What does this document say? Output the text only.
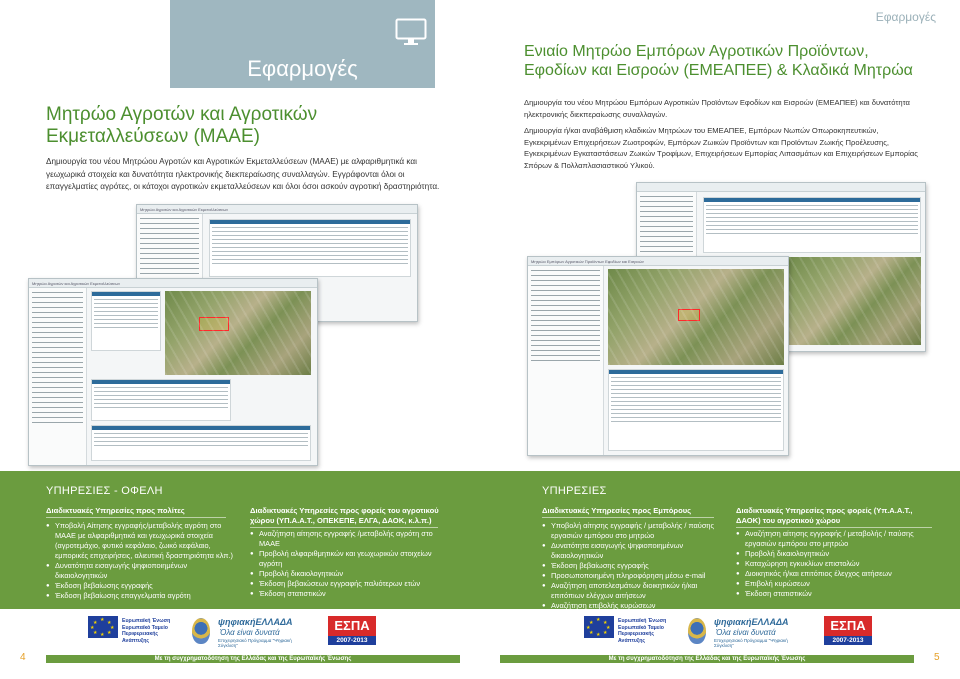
Εφαρμογές
Εφαρμογές
Μητρώο Αγροτών και Αγροτικών Εκμεταλλεύσεων (ΜΑΑΕ)
Δημιουργία του νέου Μητρώου Αγροτών και Αγροτικών Εκμεταλλεύσεων (ΜΑΑΕ) με αλφαριθμητικά και γεωχωρικά στοιχεία και δυνατότητα ηλεκτρονικής διεκπεραίωσης συναλλαγών. Εγγράφονται όλοι οι επαγγελματίες αγρότες, οι κάτοχοι αγροτικών εκμεταλλεύσεων και όλοι όσοι ασκούν αγροτική δραστηριότητα.
Ενιαίο Μητρώο Εμπόρων Αγροτικών Προϊόντων, Εφοδίων και Εισροών (ΕΜΕΑΠΕΕ) & Κλαδικά Μητρώα
Δημιουργία του νέου Μητρώου Εμπόρων Αγροτικών Προϊόντων Εφοδίων και Εισροών (ΕΜΕΑΠΕΕ) και δυνατότητα ηλεκτρονικής διεκπεραίωσης συναλλαγών.
Δημιουργία ή/και αναβάθμιση κλαδικών Μητρώων του ΕΜΕΑΠΕΕ, Εμπόρων Νωπών Οπωροκηπευτικών, Εγκεκριμένων Επιχειρήσεων Ζωοτροφών, Εμπόρων Ζωικών Προϊόντων και Προϊόντων Ζωικής Προέλευσης, Εγκεκριμένων Εγκαταστάσεων Ζωικών Τροφίμων, Επιχειρήσεων Εμπορίας Λιπασμάτων και Επιχειρήσεων Εμπορίας Σπόρων & Πολλαπλασιαστικού Υλικού.
Μητρώο Αγροτών και Αγροτικών Εκμεταλλεύσεων
Μητρώο Αγροτών και Αγροτικών Εκμεταλλεύσεων
Μητρώο Εμπόρων Αγροτικών Προϊόντων Εφοδίων και Εισροών
ΥΠΗΡΕΣΙΕΣ - ΟΦΕΛΗ	ΥΠΗΡΕΣΙΕΣ
Διαδικτυακές Υπηρεσίες προς πολίτες
● Υποβολή Αίτησης εγγραφής/μεταβολής αγρότη στο ΜΑΑΕ με αλφαριθμητικά και γεωχωρικά στοιχεία (αγροτεμάχιο, φυτικό κεφάλαιο, ζωικό κεφάλαιο, εμπορικές επιχειρήσεις, αλιευτική δραστηριότητα κλπ.)
● Δυνατότητα εισαγωγής ψηφιοποιημένων δικαιολογητικών
● Έκδοση βεβαίωσης εγγραφής
● Έκδοση βεβαίωσης επαγγελματία αγρότη
Διαδικτυακές Υπηρεσίες προς φορείς του αγροτικού χώρου (ΥΠ.Α.Α.Τ., ΟΠΕΚΕΠΕ, ΕΛΓΑ, ΔΑΟΚ, κ.λ.π.)
● Αναζήτηση αίτησης εγγραφής /μεταβολής αγρότη στο ΜΑΑΕ
● Προβολή αλφαριθμητικών και γεωχωρικών στοιχείων αγρότη
● Προβολή δικαιολογητικών
● Έκδοση βεβαιώσεων εγγραφής παλιότερων ετών
● Έκδοση στατιστικών
Διαδικτυακές Υπηρεσίες προς Εμπόρους
● Υποβολή αίτησης εγγραφής / μεταβολής / παύσης εργασιών εμπόρου στο μητρώο
● Δυνατότητα εισαγωγής ψηφιοποιημένων δικαιολογητικών
● Έκδοση βεβαίωσης εγγραφής
● Προσωποποιημένη πληροφόρηση μέσω e-mail
● Αναζήτηση αποτελεσμάτων διοικητικών ή/και επιτόπιων ελέγχων αιτήσεων
● Αναζήτηση επιβολής κυρώσεων
Διαδικτυακές Υπηρεσίες προς φορείς (Υπ.Α.Α.Τ., ΔΑΟΚ) του αγροτικού χώρου
● Αναζήτηση αίτησης εγγραφής / μεταβολής / παύσης εργασιών εμπόρου στο μητρώο
● Προβολή δικαιολογητικών
● Καταχώρηση εγκυκλίων επιστολών
● Διοικητικός ή/και επιτόπιος έλεγχος αιτήσεων
● Επιβολή κυρώσεων
● Έκδοση στατιστικών
★ ★
★
★
★
★
★
★	Ευρωπαϊκή Ένωση
Ευρωπαϊκό Ταμείο Περιφερειακής Ανάπτυξης
ψηφιακήΕΛΛΑΔΑ
Όλα είναι δυνατά
Επιχειρησιακό Πρόγραμμα "Ψηφιακή Σύγκλιση"
ΕΣΠΑ
2007-2013
★ ★
★
★
★
★
★
★	Ευρωπαϊκή Ένωση
Ευρωπαϊκό Ταμείο Περιφερειακής Ανάπτυξης
ψηφιακήΕΛΛΑΔΑ
Όλα είναι δυνατά
Επιχειρησιακό Πρόγραμμα "Ψηφιακή Σύγκλιση"
ΕΣΠΑ
2007-2013
Με τη συγχρηματοδότηση της Ελλάδας και της Ευρωπαϊκής Ένωσης	Με τη συγχρηματοδότηση της Ελλάδας και της Ευρωπαϊκής Ένωσης
4	5
